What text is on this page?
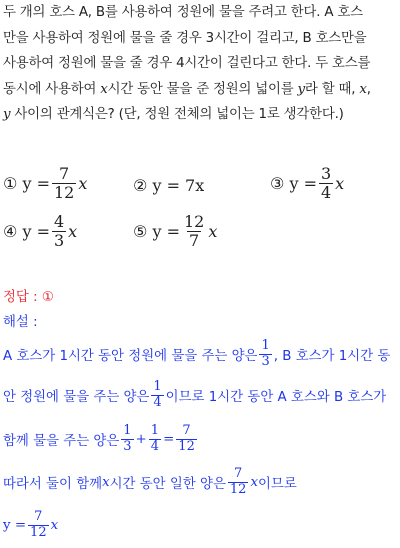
두 개의 호스 A, B를 사용하여 정원에 물을 주려고 한다. A 호스
만을 사용하여 정원에 물을 줄 경우 3시간이 걸리고, B 호스만을
사용하여 정원에 물을 줄 경우 4시간이 걸린다고 한다. 두 호스를
동시에 사용하여 x시간 동안 물을 준 정원의 넓이를 y라 할 때, x,
y 사이의 관계식은? (단, 정원 전체의 넓이는 1로 생각한다.)
①
$y = \frac{7}{12}$ x	②
y = 7x	③
$y = \frac{3}{4}$ x
④
$y = \frac{4}{3}$ x	⑤
$y = \frac{12}{7}$ x
정답 : ①
해설 :
A 호스가 1시간 동안 정원에 물을 주는 양은 $\frac{1}{3}$ , B 호스가 1시간 동
안 정원에 물을 주는 양은 $\frac{1}{4}$ 이므로 1시간 동안 A 호스와 B 호스가
함께 물을 주는 양은 $\frac{1}{3} + \frac{1}{4} = \frac{7}{12}$
따라서 둘이 함께 x 시간 동안 일한 양은 $\frac{7}{12}$ x 이므로
$y = \frac{7}{12}$ x
